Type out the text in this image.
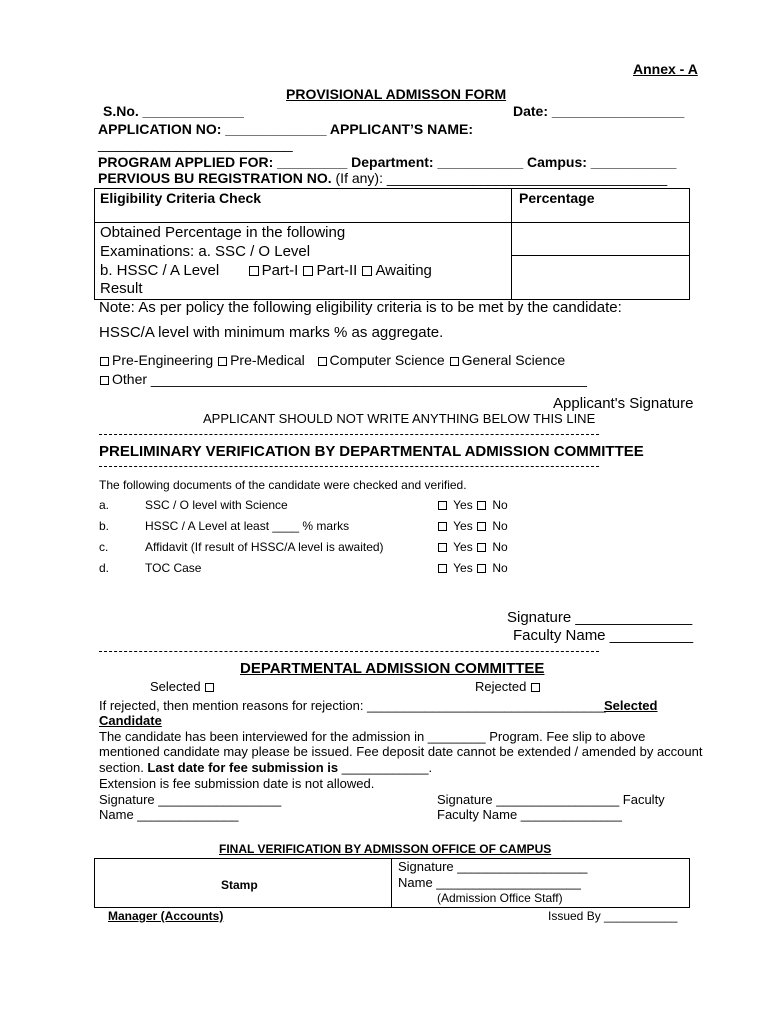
Annex - A
PROVISIONAL ADMISSON FORM
S.No. _____________	Date: _________________
APPLICATION NO: _____________ APPLICANT’S NAME:
_________________________
PROGRAM APPLIED FOR: _________ Department: ___________ Campus: ___________
PERVIOUS BU REGISTRATION NO. (If any): ____________________________________
Eligibility Criteria Check	Percentage
Obtained Percentage in the following
Examinations: a. SSC / O Level
b. HSSC / A Level	Part-I Part-II Awaiting
Result
Note: As per policy the following eligibility criteria is to be met by the candidate:
HSSC/A level with minimum marks % as aggregate.
Pre-Engineering Pre-Medical Computer Science General Science
Other ________________________________________________________
Applicant's Signature
APPLICANT SHOULD NOT WRITE ANYTHING BELOW THIS LINE
PRELIMINARY VERIFICATION BY DEPARTMENTAL ADMISSION COMMITTEE
The following documents of the candidate were checked and verified.
a.	SSC / O level with Science	Yes No
b.	HSSC / A Level at least ____ % marks	Yes No
c.	Affidavit (If result of HSSC/A level is awaited)	Yes No
d.	TOC Case	Yes No
Signature ______________
Faculty Name __________
DEPARTMENTAL ADMISSION COMMITTEE
Selected	Rejected
If rejected, then mention reasons for rejection: _________________________________
Selected
Candidate
The candidate has been interviewed for the admission in ________ Program. Fee slip to above
mentioned candidate may please be issued. Fee deposit date cannot be extended / amended by account
section. Last date for fee submission is ____________.
Extension is fee submission date is not allowed.
Signature _________________
Name ______________
Signature _________________ Faculty
Faculty Name ______________
FINAL VERIFICATION BY ADMISSON OFFICE OF CAMPUS
Stamp
Signature __________________
Name ____________________
(Admission Office Staff)
Manager (Accounts)	Issued By ___________
